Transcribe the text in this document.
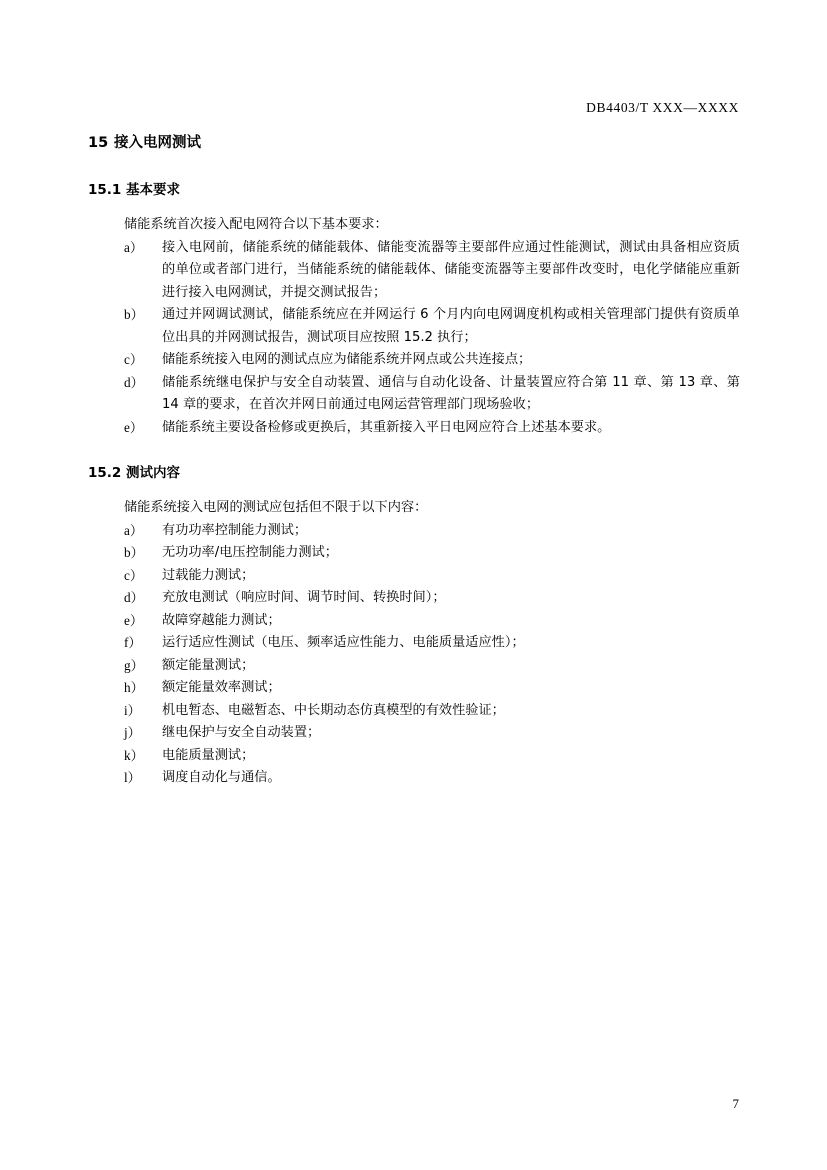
DB4403/T XXX—XXXX

15 接入电网测试

15.1 基本要求

储能系统首次接入配电网符合以下基本要求：

a）	接入电网前，储能系统的储能载体、储能变流器等主要部件应通过性能测试，测试由具备相应资质的单位或者部门进行，当储能系统的储能载体、储能变流器等主要部件改变时，电化学储能应重新进行接入电网测试，并提交测试报告；
b）	通过并网调试测试，储能系统应在并网运行 6 个月内向电网调度机构或相关管理部门提供有资质单位出具的并网测试报告，测试项目应按照 15.2 执行；
c）	储能系统接入电网的测试点应为储能系统并网点或公共连接点；
d）	储能系统继电保护与安全自动装置、通信与自动化设备、计量装置应符合第 11 章、第 13 章、第 14 章的要求，在首次并网日前通过电网运营管理部门现场验收；
e）	储能系统主要设备检修或更换后，其重新接入平日电网应符合上述基本要求。

15.2 测试内容

储能系统接入电网的测试应包括但不限于以下内容：

a）	有功功率控制能力测试；
b）	无功功率/电压控制能力测试；
c）	过载能力测试；
d）	充放电测试（响应时间、调节时间、转换时间）；
e）	故障穿越能力测试；
f）	运行适应性测试（电压、频率适应性能力、电能质量适应性）；
g）	额定能量测试；
h）	额定能量效率测试；
i）	机电暂态、电磁暂态、中长期动态仿真模型的有效性验证；
j）	继电保护与安全自动装置；
k）	电能质量测试；
l）	调度自动化与通信。
7
